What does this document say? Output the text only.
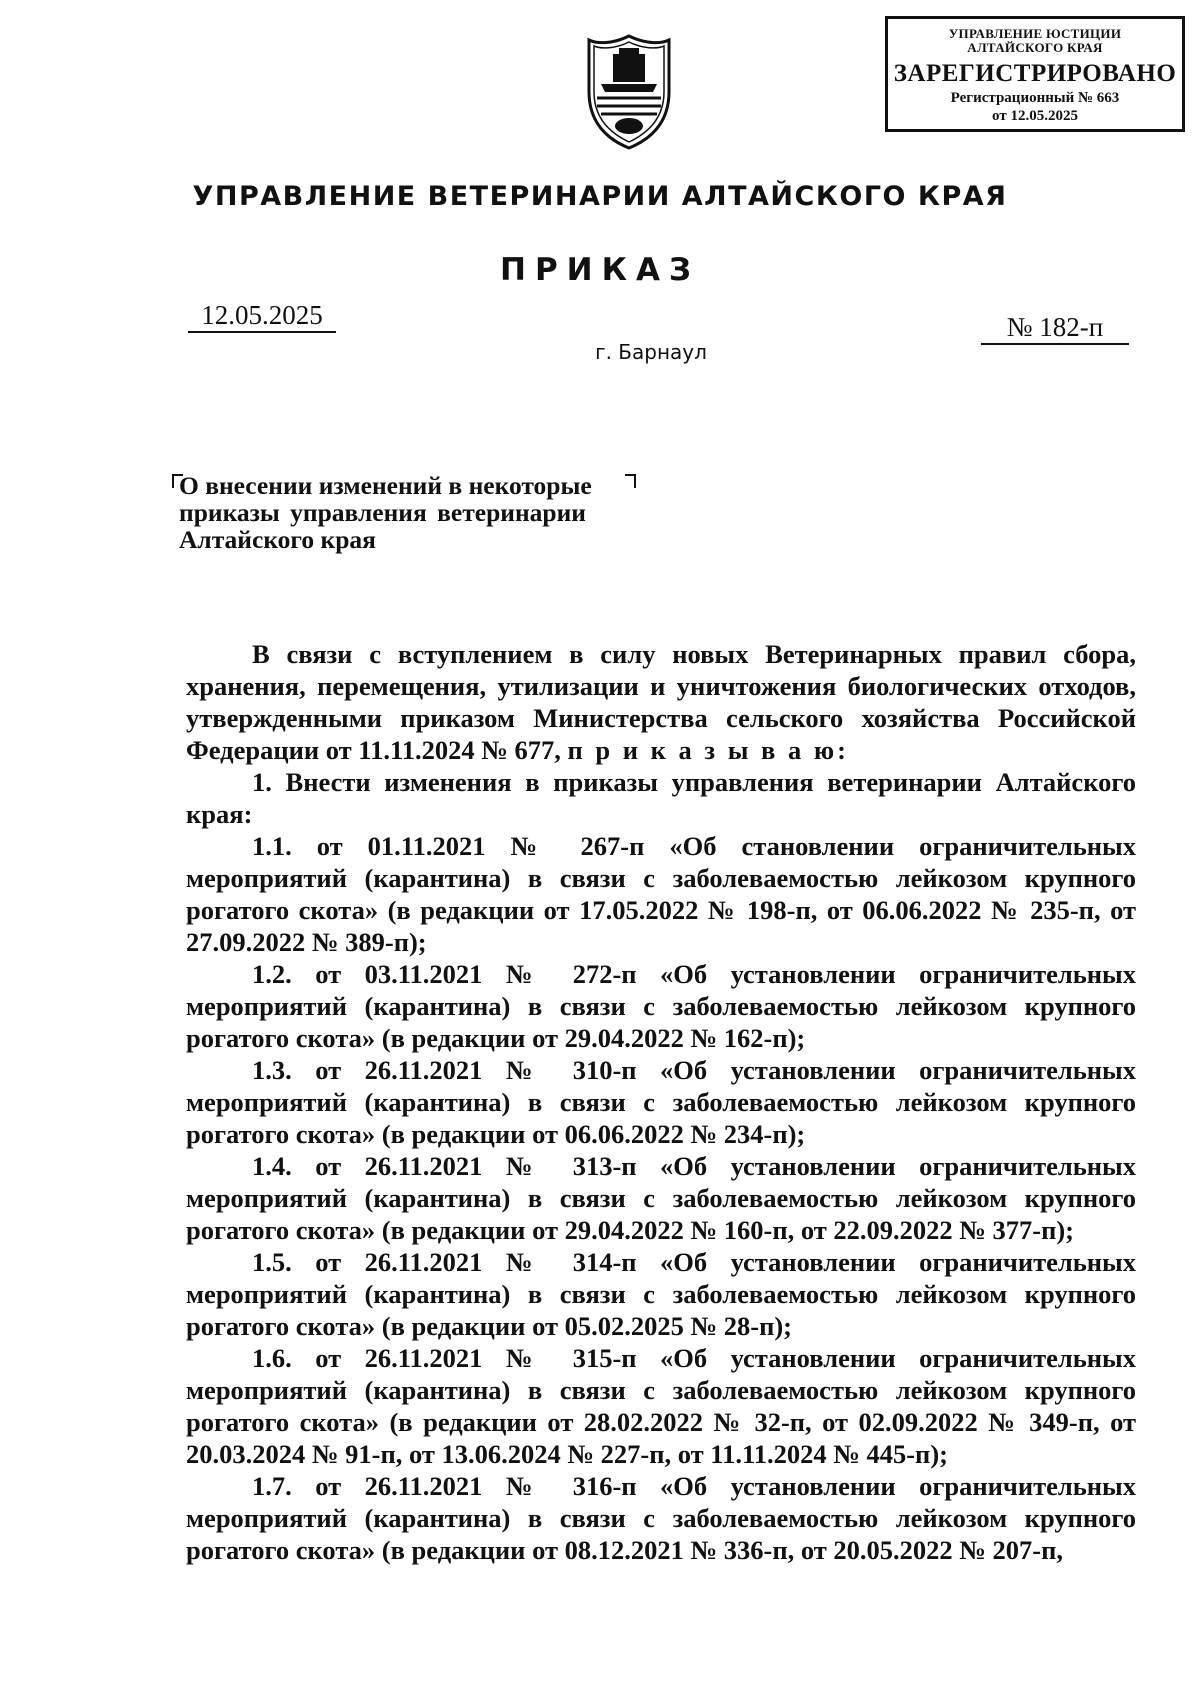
УПРАВЛЕНИЕ ЮСТИЦИИ
АЛТАЙСКОГО КРАЯ
ЗАРЕГИСТРИРОВАНО
Регистрационный № 663
от 12.05.2025
УПРАВЛЕНИЕ ВЕТЕРИНАРИИ АЛТАЙСКОГО КРАЯ
ПРИКАЗ
12.05.2025	№ 182-п
г. Барнаул
О внесении изменений в некоторые
приказы управления ветеринарии
Алтайского края

В связи с вступлением в силу новых Ветеринарных правил сбора, хранения, перемещения, утилизации и уничтожения биологических отходов, утвержденными приказом Министерства сельского хозяйства Российской Федерации от 11.11.2024 № 677, п р и к а з ы в а ю:

1. Внести изменения в приказы управления ветеринарии Алтайского края:

1.1. от 01.11.2021 № 267-п «Об становлении ограничительных мероприятий (карантина) в связи с заболеваемостью лейкозом крупного рогатого скота» (в редакции от 17.05.2022 № 198-п, от 06.06.2022 № 235-п, от 27.09.2022 № 389-п);

1.2. от 03.11.2021 № 272-п «Об установлении ограничительных мероприятий (карантина) в связи с заболеваемостью лейкозом крупного рогатого скота» (в редакции от 29.04.2022 № 162-п);

1.3. от 26.11.2021 № 310-п «Об установлении ограничительных мероприятий (карантина) в связи с заболеваемостью лейкозом крупного рогатого скота» (в редакции от 06.06.2022 № 234-п);

1.4. от 26.11.2021 № 313-п «Об установлении ограничительных мероприятий (карантина) в связи с заболеваемостью лейкозом крупного рогатого скота» (в редакции от 29.04.2022 № 160-п, от 22.09.2022 № 377-п);

1.5. от 26.11.2021 № 314-п «Об установлении ограничительных мероприятий (карантина) в связи с заболеваемостью лейкозом крупного рогатого скота» (в редакции от 05.02.2025 № 28-п);

1.6. от 26.11.2021 № 315-п «Об установлении ограничительных мероприятий (карантина) в связи с заболеваемостью лейкозом крупного рогатого скота» (в редакции от 28.02.2022 № 32-п, от 02.09.2022 № 349-п, от 20.03.2024 № 91-п, от 13.06.2024 № 227-п, от 11.11.2024 № 445-п);

1.7. от 26.11.2021 № 316-п «Об установлении ограничительных мероприятий (карантина) в связи с заболеваемостью лейкозом крупного рогатого скота» (в редакции от 08.12.2021 № 336-п, от 20.05.2022 № 207-п,
